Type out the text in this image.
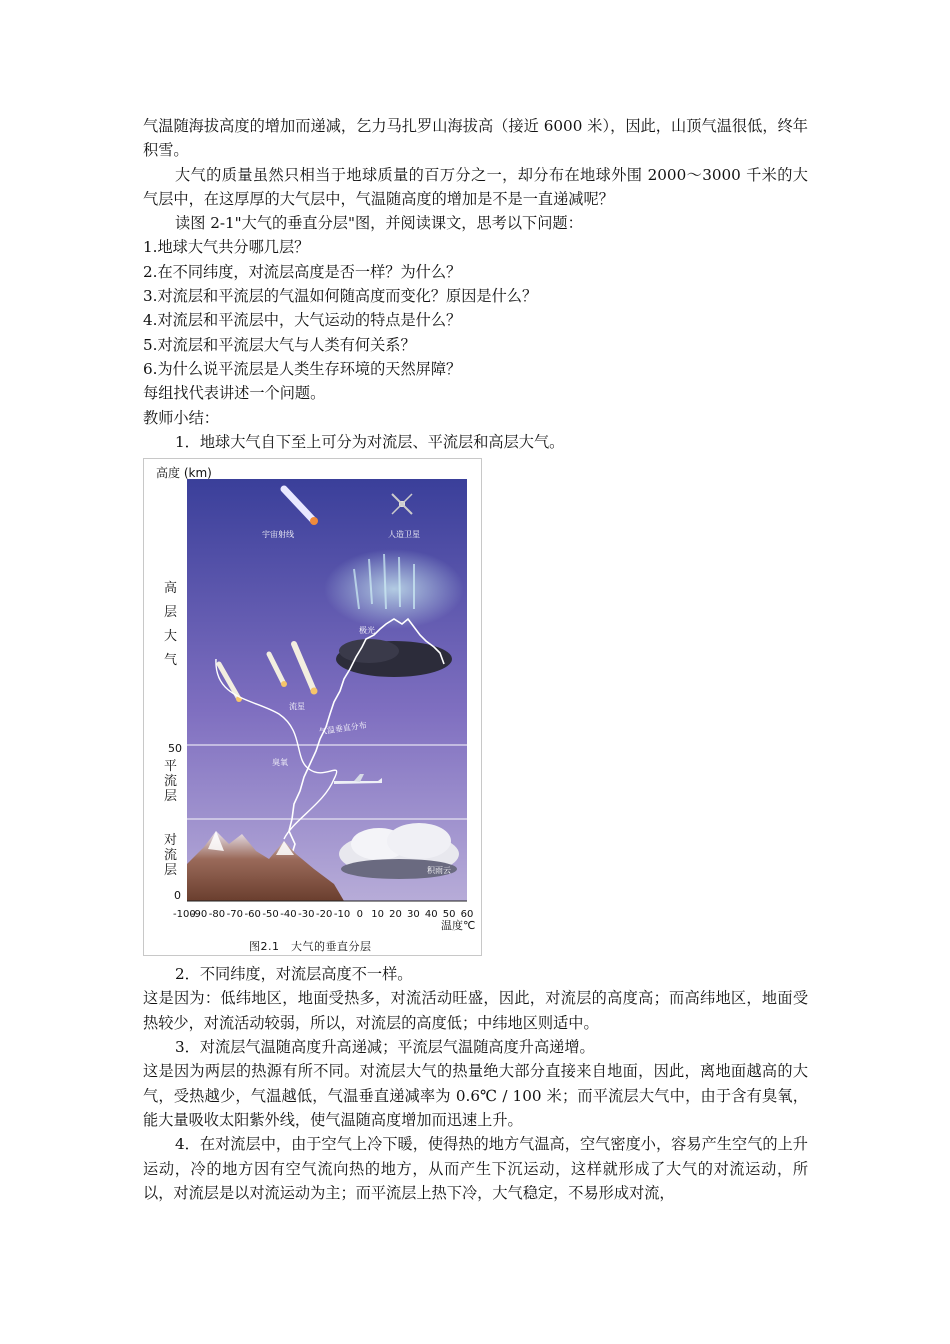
气温随海拔高度的增加而递减，乞力马扎罗山海拔高（接近 6000 米），因此，山顶气温很低，终年积雪。

大气的质量虽然只相当于地球质量的百万分之一，却分布在地球外围 2000～3000 千米的大气层中，在这厚厚的大气层中，气温随高度的增加是不是一直递减呢？

读图 2-1"大气的垂直分层"图，并阅读课文，思考以下问题：

1.地球大气共分哪几层？

2.在不同纬度，对流层高度是否一样？为什么？

3.对流层和平流层的气温如何随高度而变化？原因是什么？

4.对流层和平流层中，大气运动的特点是什么？

5.对流层和平流层大气与人类有何关系？

6.为什么说平流层是人类生存环境的天然屏障？

每组找代表讲述一个问题。

教师小结：

1．地球大气自下至上可分为对流层、平流层和高层大气。

高度 (km)
温度℃
高
层
大
气
平
流
层
对
流
层
50
0
-100
-90 -80 -70 -60 -50 -40 -30 -20 -10 0 10 20 30 40 50 60
宇宙射线	人造卫星
极光
流星
气温垂直分布
臭氧
积雨云
图2.1　大气的垂直分层

2．不同纬度，对流层高度不一样。

这是因为：低纬地区，地面受热多，对流活动旺盛，因此，对流层的高度高；而高纬地区，地面受热较少，对流活动较弱，所以，对流层的高度低；中纬地区则适中。

3．对流层气温随高度升高递减；平流层气温随高度升高递增。

这是因为两层的热源有所不同。对流层大气的热量绝大部分直接来自地面，因此，离地面越高的大气，受热越少，气温越低，气温垂直递减率为 0.6℃ / 100 米；而平流层大气中，由于含有臭氧，能大量吸收太阳紫外线，使气温随高度增加而迅速上升。

4．在对流层中，由于空气上冷下暖，使得热的地方气温高，空气密度小，容易产生空气的上升运动，冷的地方因有空气流向热的地方，从而产生下沉运动，这样就形成了大气的对流运动，所以，对流层是以对流运动为主；而平流层上热下冷，大气稳定，不易形成对流，
